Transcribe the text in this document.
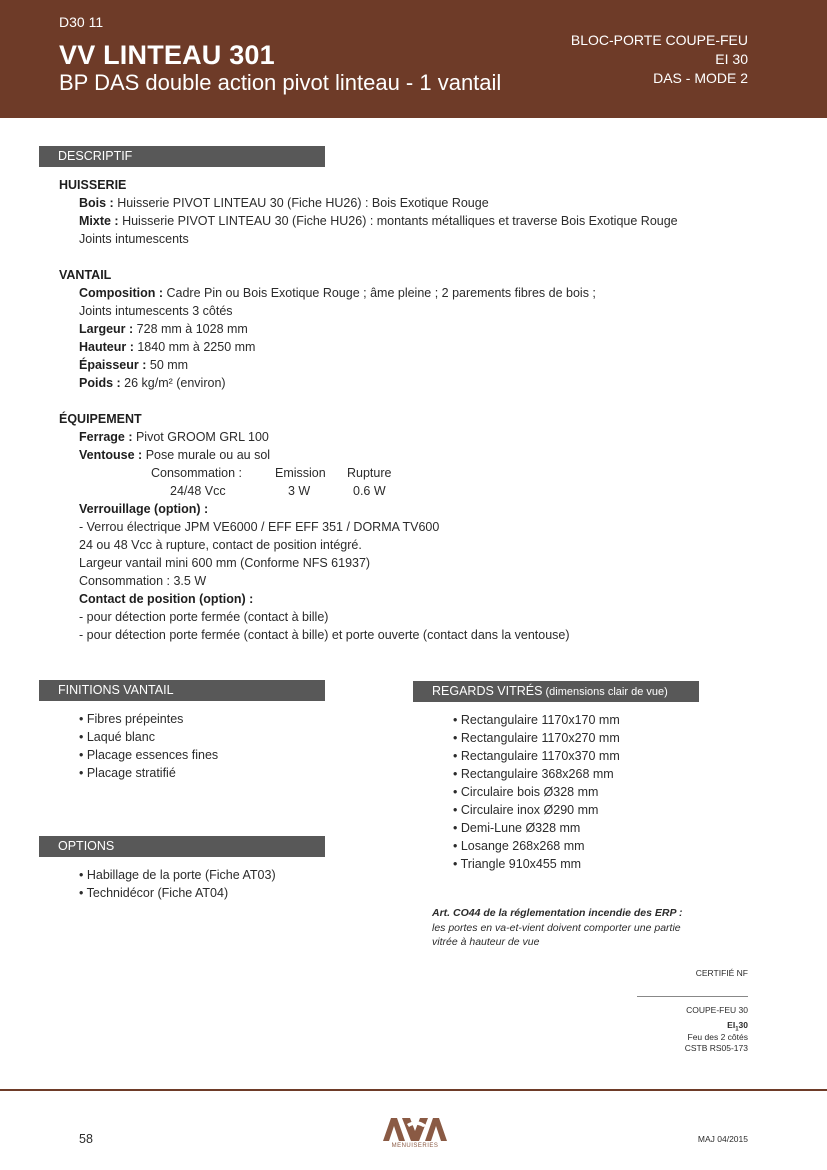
D30 11
VV LINTEAU 301
BP DAS double action pivot linteau - 1 vantail
BLOC-PORTE COUPE-FEU
EI 30
DAS - MODE 2
DESCRIPTIF
HUISSERIE
Bois : Huisserie PIVOT LINTEAU 30 (Fiche HU26) : Bois Exotique Rouge
Mixte : Huisserie PIVOT LINTEAU 30 (Fiche HU26) : montants métalliques et traverse Bois Exotique Rouge
Joints intumescents
VANTAIL
Composition : Cadre Pin ou Bois Exotique Rouge ; âme pleine ; 2 parements fibres de bois ;
Joints intumescents 3 côtés
Largeur : 728 mm à 1028 mm
Hauteur : 1840 mm à 2250 mm
Épaisseur : 50 mm
Poids : 26 kg/m² (environ)
ÉQUIPEMENT
Ferrage : Pivot GROOM GRL 100
Ventouse : Pose murale ou au sol
Consommation :	Emission Rupture
24/48 Vcc	3 W	0.6 W
Verrouillage (option) :
- Verrou électrique JPM VE6000 / EFF EFF 351 / DORMA TV600
24 ou 48 Vcc à rupture, contact de position intégré.
Largeur vantail mini 600 mm (Conforme NFS 61937)
Consommation : 3.5 W
Contact de position (option) :
- pour détection porte fermée (contact à bille)
- pour détection porte fermée (contact à bille) et porte ouverte (contact dans la ventouse)
FINITIONS VANTAIL
• Fibres prépeintes
• Laqué blanc
• Placage essences fines
• Placage stratifié
OPTIONS
• Habillage de la porte (Fiche AT03)
• Technidécor (Fiche AT04)
REGARDS VITRÉS (dimensions clair de vue)
• Rectangulaire 1170x170 mm
• Rectangulaire 1170x270 mm
• Rectangulaire 1170x370 mm
• Rectangulaire 368x268 mm
• Circulaire bois Ø328 mm
• Circulaire inox Ø290 mm
• Demi-Lune Ø328 mm
• Losange 268x268 mm
• Triangle 910x455 mm
Art. CO44 de la réglementation incendie des ERP :
les portes en va-et-vient doivent comporter une partie
vitrée à hauteur de vue
CERTIFIÉ NF
COUPE-FEU 30
$EI_130$
Feu des 2 côtés
CSTB RS05-173
58	MENUISERIES
MAJ 04/2015
